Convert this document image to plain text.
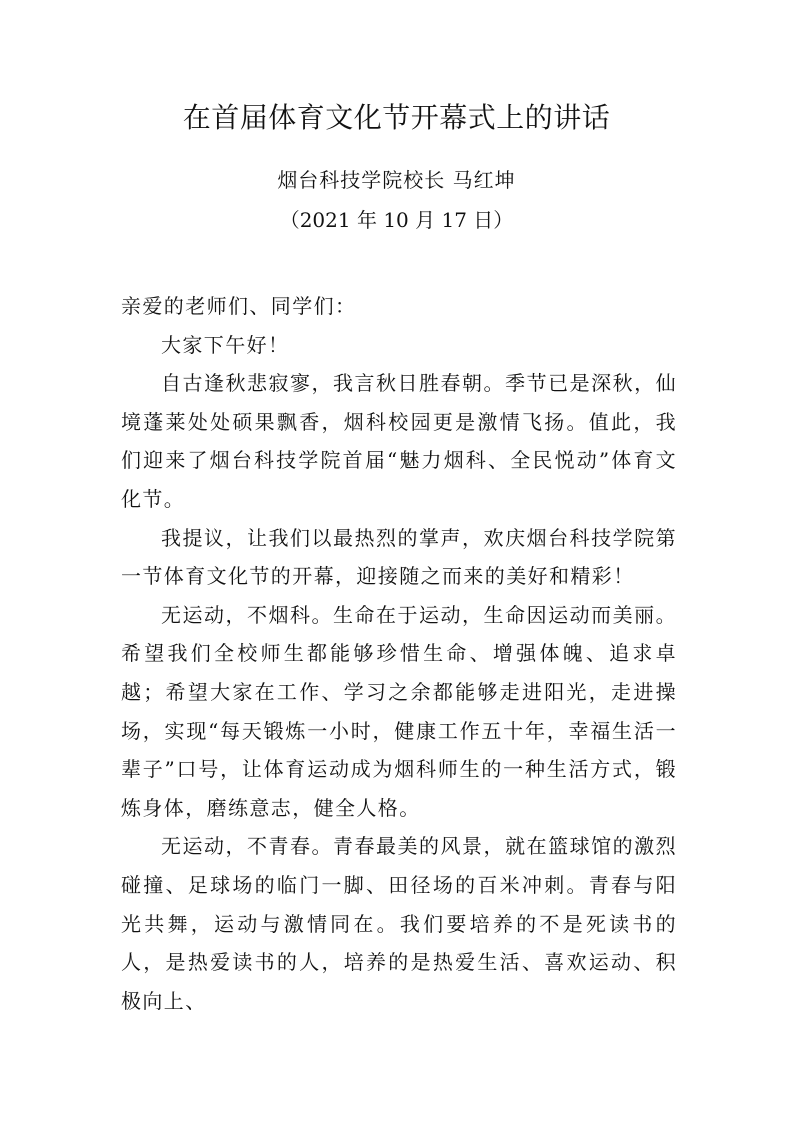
在首届体育文化节开幕式上的讲话
烟台科技学院校长 马红坤
（2021 年 10 月 17 日）

亲爱的老师们、同学们：

大家下午好！

自古逢秋悲寂寥，我言秋日胜春朝。季节已是深秋，仙境蓬莱处处硕果飘香，烟科校园更是激情飞扬。值此，我们迎来了烟台科技学院首届“魅力烟科、全民悦动”体育文化节。

我提议，让我们以最热烈的掌声，欢庆烟台科技学院第一节体育文化节的开幕，迎接随之而来的美好和精彩！

无运动，不烟科。生命在于运动，生命因运动而美丽。希望我们全校师生都能够珍惜生命、增强体魄、追求卓越；希望大家在工作、学习之余都能够走进阳光，走进操场，实现“每天锻炼一小时，健康工作五十年，幸福生活一辈子”口号，让体育运动成为烟科师生的一种生活方式，锻炼身体，磨练意志，健全人格。

无运动，不青春。青春最美的风景，就在篮球馆的激烈碰撞、足球场的临门一脚、田径场的百米冲刺。青春与阳光共舞，运动与激情同在。我们要培养的不是死读书的人，是热爱读书的人，培养的是热爱生活、喜欢运动、积极向上、
